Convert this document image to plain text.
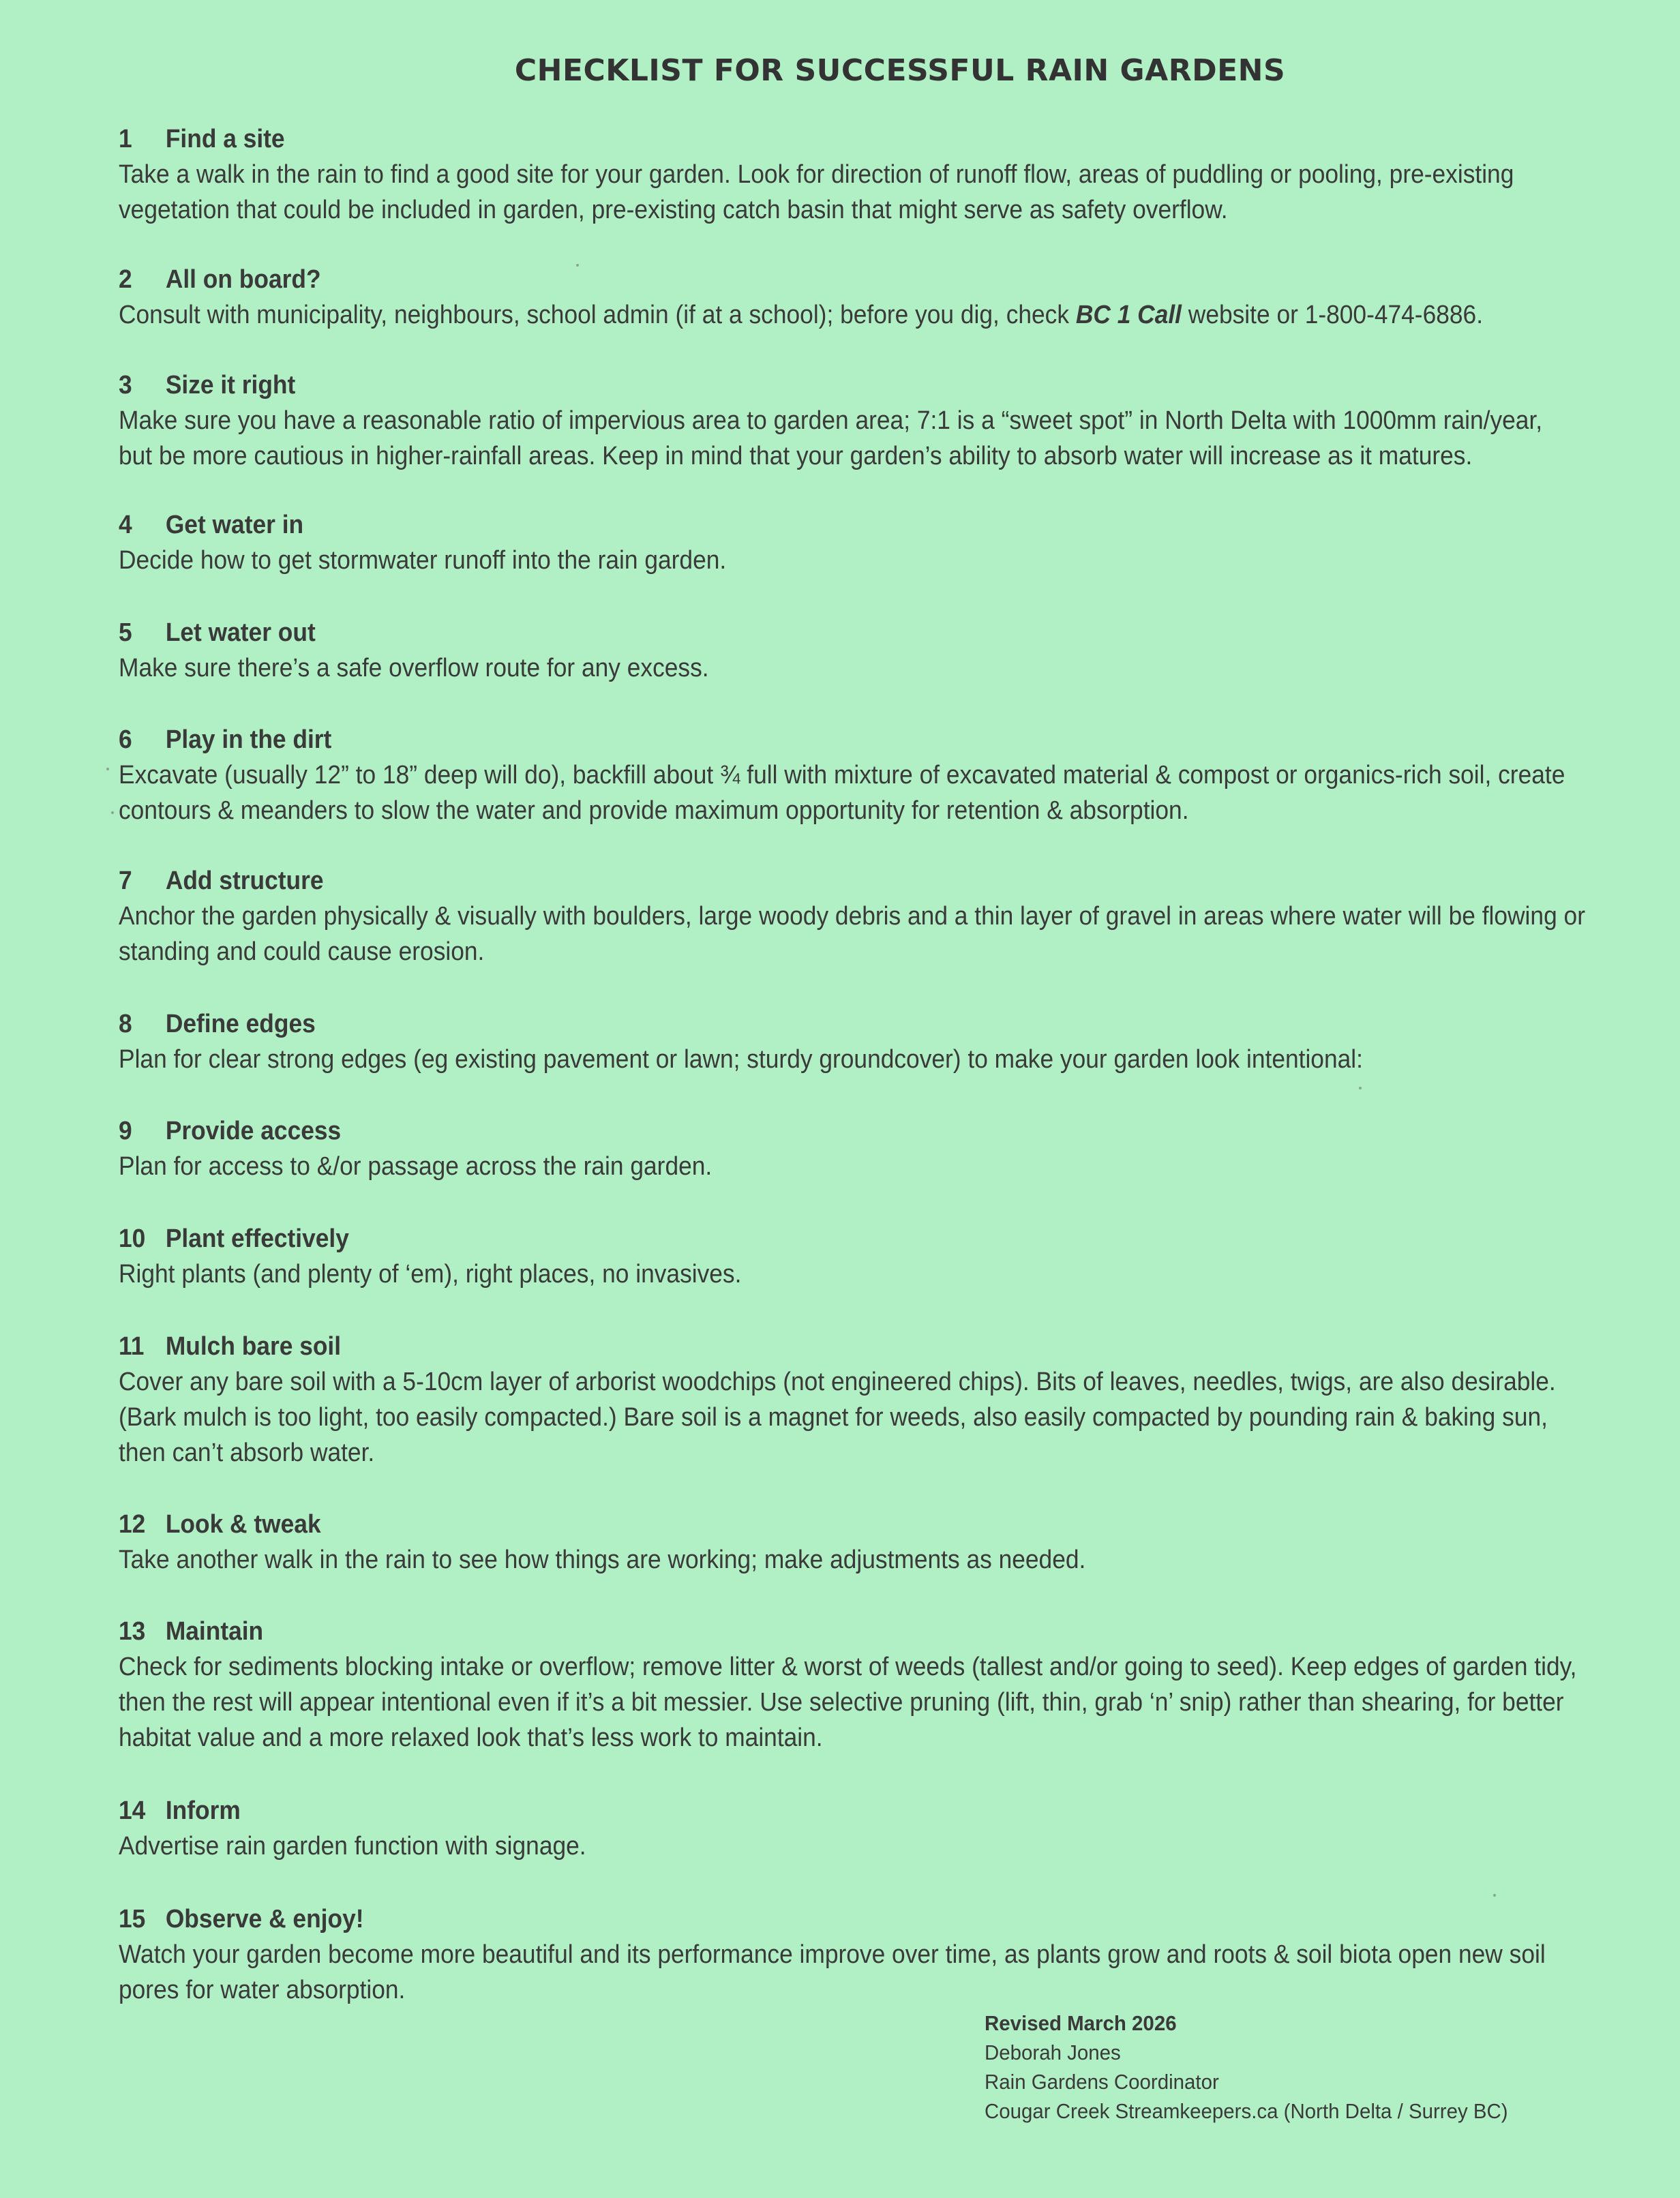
CHECKLIST FOR SUCCESSFUL RAIN GARDENS
1 Find a site
Take a walk in the rain to find a good site for your garden. Look for direction of runoff flow, areas of puddling or pooling, pre-existing
vegetation that could be included in garden, pre-existing catch basin that might serve as safety overflow.
2 All on board?
Consult with municipality, neighbours, school admin (if at a school); before you dig, check BC 1 Call website or 1-800-474-6886.
3 Size it right
Make sure you have a reasonable ratio of impervious area to garden area; 7:1 is a “sweet spot” in North Delta with 1000mm rain/year,
but be more cautious in higher-rainfall areas. Keep in mind that your garden’s ability to absorb water will increase as it matures.
4 Get water in
Decide how to get stormwater runoff into the rain garden.
5 Let water out
Make sure there’s a safe overflow route for any excess.
6 Play in the dirt
Excavate (usually 12” to 18” deep will do), backfill about ¾ full with mixture of excavated material & compost or organics-rich soil, create
contours & meanders to slow the water and provide maximum opportunity for retention & absorption.
7 Add structure
Anchor the garden physically & visually with boulders, large woody debris and a thin layer of gravel in areas where water will be flowing or
standing and could cause erosion.
8 Define edges
Plan for clear strong edges (eg existing pavement or lawn; sturdy groundcover) to make your garden look intentional:
9 Provide access
Plan for access to &/or passage across the rain garden.
10 Plant effectively
Right plants (and plenty of ‘em), right places, no invasives.
11 Mulch bare soil
Cover any bare soil with a 5-10cm layer of arborist woodchips (not engineered chips). Bits of leaves, needles, twigs, are also desirable.
(Bark mulch is too light, too easily compacted.) Bare soil is a magnet for weeds, also easily compacted by pounding rain & baking sun,
then can’t absorb water.
12 Look & tweak
Take another walk in the rain to see how things are working; make adjustments as needed.
13 Maintain
Check for sediments blocking intake or overflow; remove litter & worst of weeds (tallest and/or going to seed). Keep edges of garden tidy,
then the rest will appear intentional even if it’s a bit messier. Use selective pruning (lift, thin, grab ‘n’ snip) rather than shearing, for better
habitat value and a more relaxed look that’s less work to maintain.
14 Inform
Advertise rain garden function with signage.
15 Observe & enjoy!
Watch your garden become more beautiful and its performance improve over time, as plants grow and roots & soil biota open new soil
pores for water absorption.
Revised March 2026
Deborah Jones
Rain Gardens Coordinator
Cougar Creek Streamkeepers.ca (North Delta / Surrey BC)
